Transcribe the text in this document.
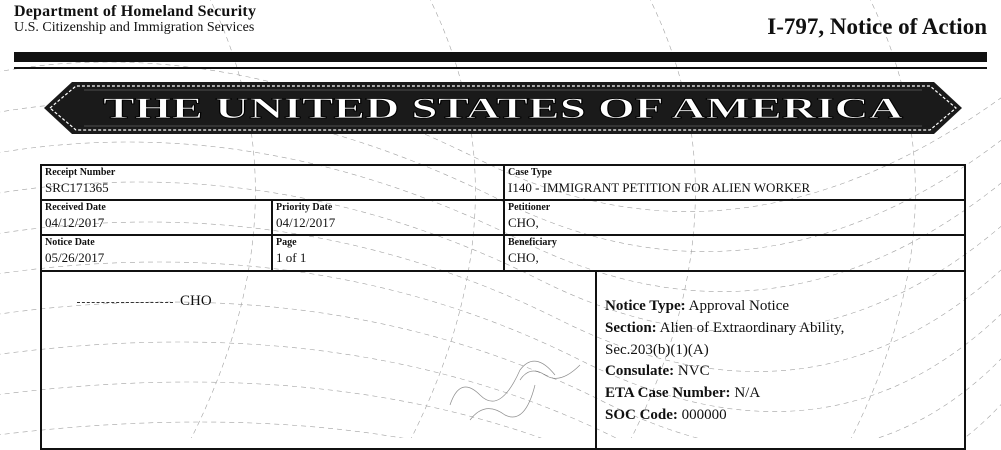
Department of Homeland Security
U.S. Citizenship and Immigration Services	I-797, Notice of Action
THE UNITED STATES OF AMERICA
Receipt Number
SRC171365
Case Type
I140 - IMMIGRANT PETITION FOR ALIEN WORKER
Received Date
04/12/2017
Priority Date
04/12/2017
Petitioner
CHO,
Notice Date
05/26/2017
Page
1 of 1
Beneficiary
CHO,
CHO	Notice Type: Approval Notice
Section: Alien of Extraordinary Ability,
Sec.203(b)(1)(A)
Consulate: NVC
ETA Case Number: N/A
SOC Code: 000000
